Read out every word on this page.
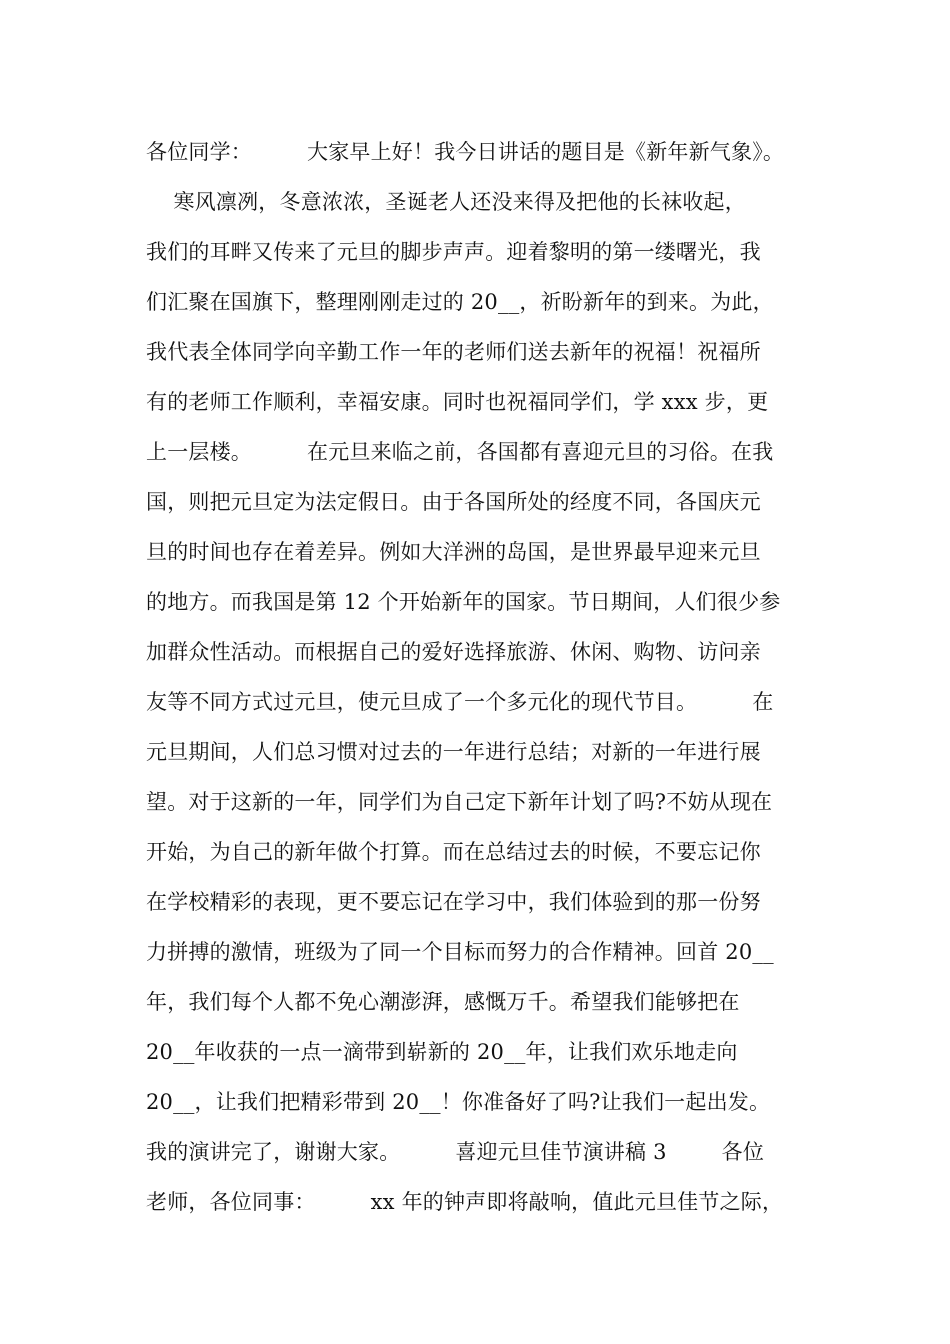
各位同学：        大家早上好！我今日讲话的题目是《新年新气象》。
寒风凛冽，冬意浓浓，圣诞老人还没来得及把他的长袜收起，
我们的耳畔又传来了元旦的脚步声声。迎着黎明的第一缕曙光，我
们汇聚在国旗下，整理刚刚走过的 20__，祈盼新年的到来。为此，
我代表全体同学向辛勤工作一年的老师们送去新年的祝福！祝福所
有的老师工作顺利，幸福安康。同时也祝福同学们，学 xxx 步，更
上一层楼。        在元旦来临之前，各国都有喜迎元旦的习俗。在我
国，则把元旦定为法定假日。由于各国所处的经度不同，各国庆元
旦的时间也存在着差异。例如大洋洲的岛国，是世界最早迎来元旦
的地方。而我国是第 12 个开始新年的国家。节日期间，人们很少参
加群众性活动。而根据自己的爱好选择旅游、休闲、购物、访问亲
友等不同方式过元旦，使元旦成了一个多元化的现代节目。        在
元旦期间，人们总习惯对过去的一年进行总结；对新的一年进行展
望。对于这新的一年，同学们为自己定下新年计划了吗?不妨从现在
开始，为自己的新年做个打算。而在总结过去的时候，不要忘记你
在学校精彩的表现，更不要忘记在学习中，我们体验到的那一份努
力拼搏的激情，班级为了同一个目标而努力的合作精神。回首 20__
年，我们每个人都不免心潮澎湃，感慨万千。希望我们能够把在
20__年收获的一点一滴带到崭新的 20__年，让我们欢乐地走向
20__，让我们把精彩带到 20__！你准备好了吗?让我们一起出发。
我的演讲完了，谢谢大家。        喜迎元旦佳节演讲稿 3        各位
老师，各位同事：        xx 年的钟声即将敲响，值此元旦佳节之际，
